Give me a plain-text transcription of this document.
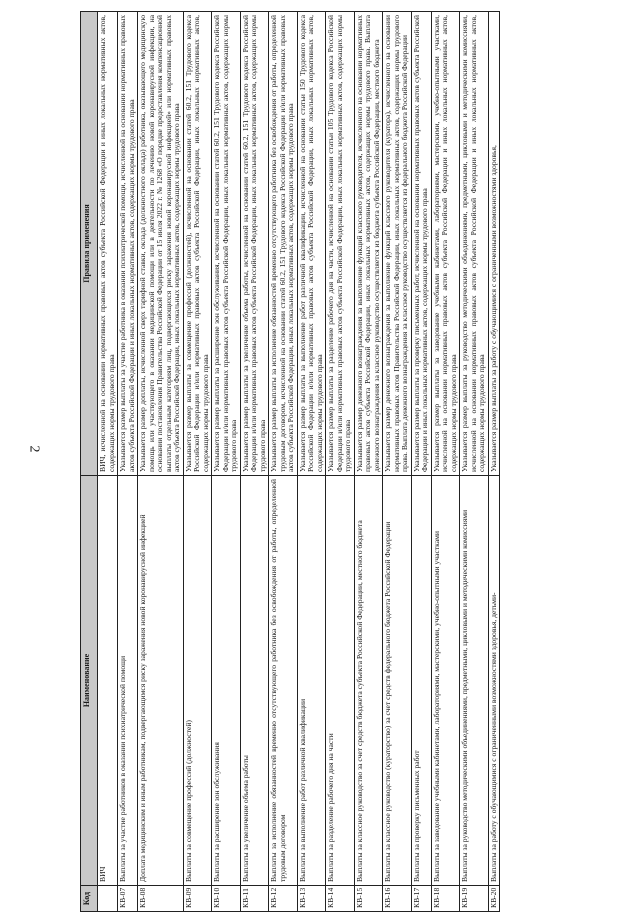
2
Код	Наименование	Правила применения
	ВИЧ	ВИЧ, исчисленной на основании нормативных правовых актов субъекта Российской Федерации и иных локальных нормативных актов, содержащих нормы трудового права
КВ-07	Выплаты за участие работников в оказании психиатрической помощи	Указывается размер выплаты за участие работника в оказании психиатрической помощи, исчисленной на основании нормативных правовых актов субъекта Российской Федерации и иных локальных нормативных актов, содержащих нормы трудового права
КВ-08	Доплата медицинским и иным работникам, подвергающимся риску заражения новой коронавирусной инфекцией	Указывается размер доплаты, исчисленной сверх тарифной ставки, оклада (должностного оклада) работника, оказывающего медицинскую помощь или участвующего в оказании медицинской помощи или в деятельности по лечению новой коронавирусной инфекции, на основании постановления Правительства Российской Федерации от 15 июля 2022 г. № 1268 «О порядке предоставления компенсационной выплаты отдельным категориям лиц, подвергающихся риску заражения новой коронавирусной инфекцией» или нормативных правовых актов субъекта Российской Федерации, иных локальных нормативных актов, содержащих нормы трудового права
КВ-09	Выплаты за совмещение профессий (должностей)	Указывается размер выплаты за совмещение профессий (должностей), исчисленной на основании статей 60.2, 151 Трудового кодекса Российской Федерации и/или нормативных правовых актов субъекта Российской Федерации, иных локальных нормативных актов, содержащих нормы трудового права
КВ-10	Выплаты за расширение зон обслуживания	Указывается размер выплаты за расширение зон обслуживания, исчисленной на основании статей 60.2, 151 Трудового кодекса Российской Федерации и/или нормативных правовых актов субъекта Российской Федерации, иных локальных нормативных актов, содержащих нормы трудового права
КВ-11	Выплаты за увеличение объема работы	Указывается размер выплаты за увеличение объема работы, исчисленной на основании статей 60.2, 151 Трудового кодекса Российской Федерации и/или нормативных правовых актов субъекта Российской Федерации, иных локальных нормативных актов, содержащих нормы трудового права
КВ-12	Выплаты за исполнение обязанностей временно отсутствующего работника без освобождения от работы, определенной трудовым договором	Указывается размер выплаты за исполнение обязанностей временно отсутствующего работника без освобождения от работы, определенной трудовым договором, исчисленной на основании статей 60.2, 151 Трудового кодекса Российской Федерации и/или нормативных правовых актов субъекта Российской Федерации, иных локальных нормативных актов, содержащих нормы трудового права
КВ-13	Выплаты за выполнение работ различной квалификации	Указывается размер выплаты за выполнение работ различной квалификации, исчисленной на основании статьи 150 Трудового кодекса Российской Федерации и/или нормативных правовых актов субъекта Российской Федерации, иных локальных нормативных актов, содержащих нормы трудового права
КВ-14	Выплаты за разделение рабочего дня на части	Указывается размер выплаты за разделение рабочего дня на части, исчисленной на основании статьи 105 Трудового кодекса Российской Федерации и/или нормативных правовых актов субъекта Российской Федерации, иных локальных нормативных актов, содержащих нормы трудового права
КВ-15	Выплаты за классное руководство за счет средств бюджета субъекта Российской Федерации, местного бюджета	Указывается размер денежного вознаграждения за выполнение функций классного руководителя, исчисленного на основании нормативных правовых актов субъекта Российской Федерации, иных локальных нормативных актов, содержащих нормы трудового права. Выплата денежного вознаграждения за классное руководство осуществляется из бюджета субъекта Российской Федерации, местного бюджета
КВ-16	Выплаты за классное руководство (кураторство) за счет средств федерального бюджета Российской Федерации	Указывается размер денежного вознаграждения за выполнение функций классного руководителя (куратора), исчисленного на основании нормативных правовых актов Правительства Российской Федерации, иных локальных нормативных актов, содержащих нормы трудового права. Выплата денежного вознаграждения за классное руководство осуществляется из федерального бюджета Российской Федерации
КВ-17	Выплаты за проверку письменных работ	Указывается размер выплаты за проверку письменных работ, исчисленной на основании нормативных правовых актов субъекта Российской Федерации и иных локальных нормативных актов, содержащих нормы трудового права
КВ-18	Выплаты за заведование учебными кабинетами, лабораториями, мастерскими, учебно-опытными участками	Указывается размер выплаты за заведование учебными кабинетами, лабораториями, мастерскими, учебно-опытными участками, исчисленной на основании нормативных правовых актов субъекта Российской Федерации и иных локальных нормативных актов, содержащих нормы трудового права
КВ-19	Выплаты за руководство методическими объединениями, предметными, цикловыми и методическими комиссиями	Указывается размер выплаты за руководство методическими объединениями, предметными, цикловыми и методическими комиссиями, исчисленной на основании нормативных правовых актов субъекта Российской Федерации и иных локальных нормативных актов, содержащих нормы трудового права
КВ-20	Выплаты за работу с обучающимися с ограниченными возможностями здоровья, детьми-	Указывается размер выплаты за работу с обучающимися с ограниченными возможностями здоровья,
